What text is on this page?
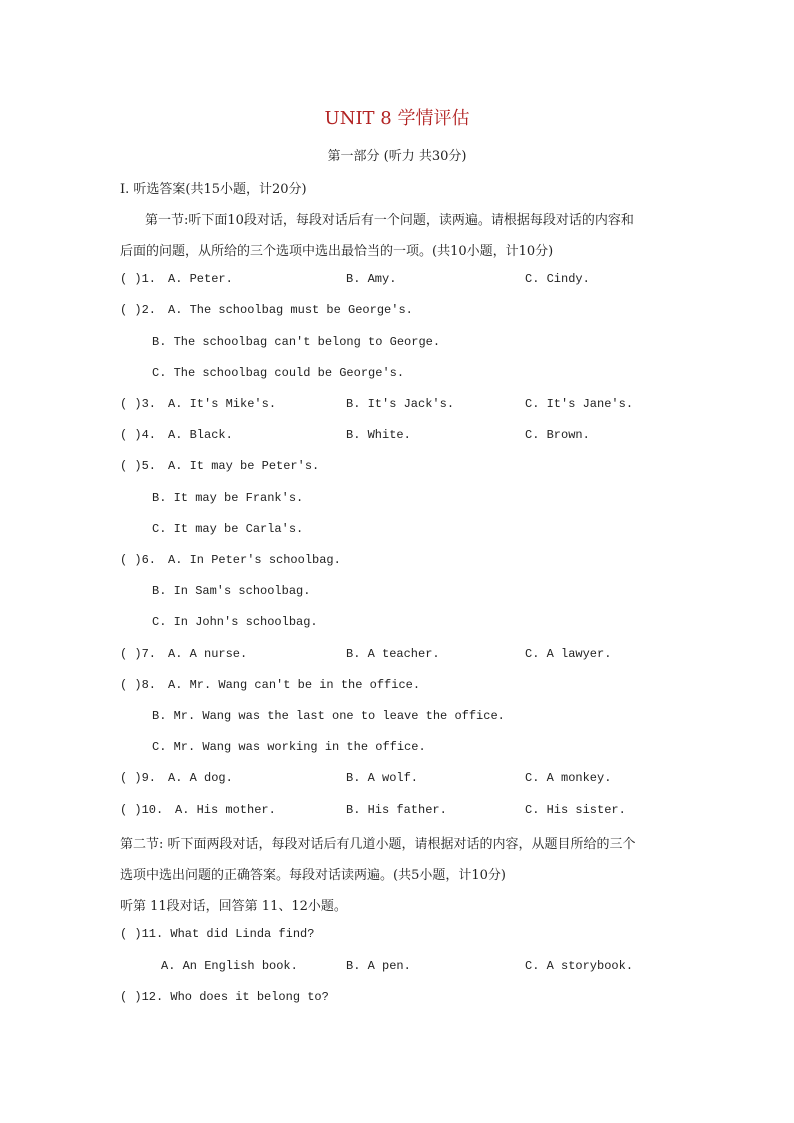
UNIT 8 学情评估
第一部分 (听力 共30分)
Ⅰ. 听选答案(共15小题，计20分)
第一节:听下面10段对话，每段对话后有一个问题，读两遍。请根据每段对话的内容和
后面的问题，从所给的三个选项中选出最恰当的一项。(共10小题，计10分)
( )1. A. Peter.	B. Amy.	C. Cindy.
( )2. A. The schoolbag must be George's.
B. The schoolbag can't belong to George.
C. The schoolbag could be George's.
( )3. A. It's Mike's.	B. It's Jack's.	C. It's Jane's.
( )4. A. Black.	B. White.	C. Brown.
( )5. A. It may be Peter's.
B. It may be Frank's.
C. It may be Carla's.
( )6. A. In Peter's schoolbag.
B. In Sam's schoolbag.
C. In John's schoolbag.
( )7. A. A nurse.	B. A teacher.	C. A lawyer.
( )8. A. Mr. Wang can't be in the office.
B. Mr. Wang was the last one to leave the office.
C. Mr. Wang was working in the office.
( )9. A. A dog.	B. A wolf.	C. A monkey.
( )10. A. His mother.	B. His father.	C. His sister.
第二节: 听下面两段对话，每段对话后有几道小题，请根据对话的内容，从题目所给的三个
选项中选出问题的正确答案。每段对话读两遍。(共5小题，计10分)
听第 11段对话，回答第 11、12小题。
( )11. What did Linda find?
A. An English book.	B. A pen.	C. A storybook.
( )12. Who does it belong to?
